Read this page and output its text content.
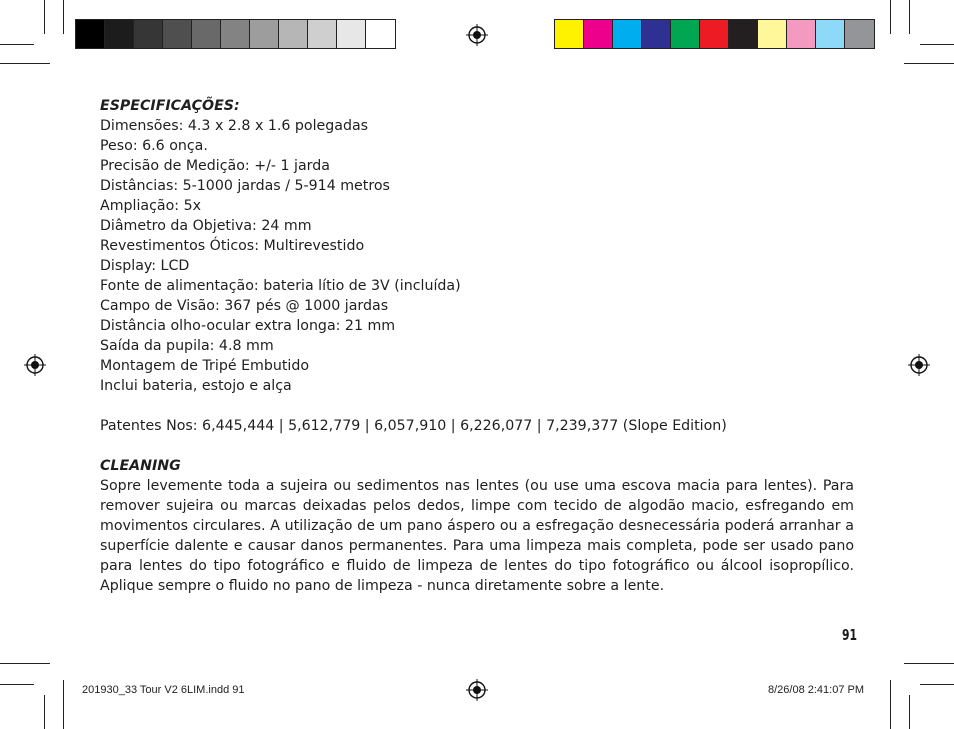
ESPECIFICAÇÕES:

Dimensões: 4.3 x 2.8 x 1.6 polegadas

Peso: 6.6 onça.

Precisão de Medição: +/- 1 jarda

Distâncias: 5-1000 jardas / 5-914 metros

Ampliação: 5x

Diâmetro da Objetiva: 24 mm

Revestimentos Óticos: Multirevestido

Display: LCD

Fonte de alimentação: bateria lítio de 3V (incluída)

Campo de Visão: 367 pés @ 1000 jardas

Distância olho-ocular extra longa: 21 mm

Saída da pupila: 4.8 mm

Montagem de Tripé Embutido

Inclui bateria, estojo e alça

Patentes Nos: 6,445,444 | 5,612,779 | 6,057,910 | 6,226,077 | 7,239,377 (Slope Edition)

CLEANING

Sopre levemente toda a sujeira ou sedimentos nas lentes (ou use uma escova macia para lentes). Para remover sujeira ou marcas deixadas pelos dedos, limpe com tecido de algodão macio, esfregando em movimentos circulares. A utilização de um pano áspero ou a esfregação desnecessária poderá arranhar a superfície dalente e causar danos permanentes. Para uma limpeza mais completa, pode ser usado pano para lentes do tipo fotográfico e fluido de limpeza de lentes do tipo fotográfico ou álcool isopropílico. Aplique sempre o fluido no pano de limpeza - nunca diretamente sobre a lente.

91
201930_33 Tour V2 6LIM.indd 91	8/26/08 2:41:07 PM
